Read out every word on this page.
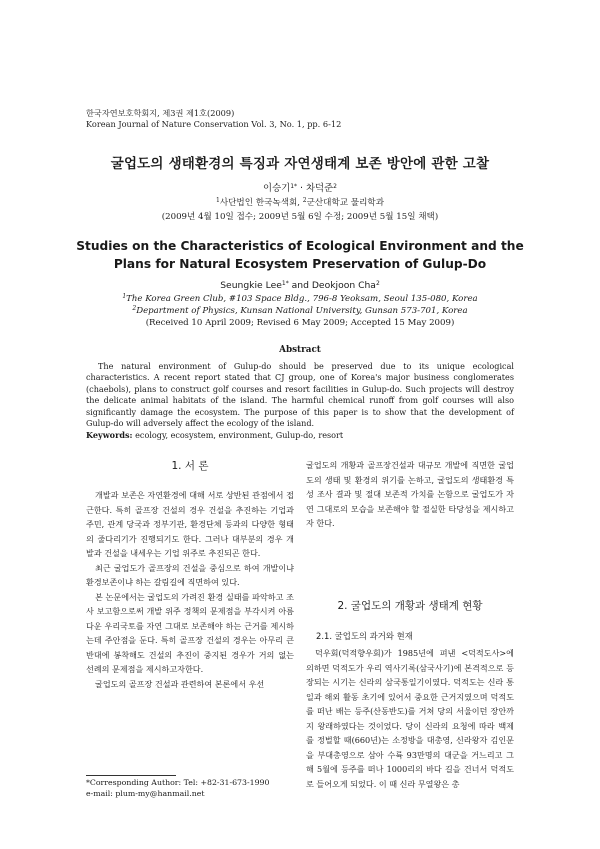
한국자연보호학회지, 제3권 제1호(2009)
Korean Journal of Nature Conservation Vol. 3, No. 1, pp. 6-12
굴업도의 생태환경의 특징과 자연생태계 보존 방안에 관한 고찰
이승기$^{1*}$ · 차덕준$^2$
$^1$사단법인 한국녹색회, $^2$군산대학교 물리학과
(2009년 4월 10일 접수; 2009년 5월 6일 수정; 2009년 5월 15일 채택)
Studies on the Characteristics of Ecological Environment and the
Plans for Natural Ecosystem Preservation of Gulup-Do
Seungkie Lee$^{1*}$ and Deokjoon Cha$^2$
$^1$The Korea Green Club, #103 Space Bldg., 796-8 Yeoksam, Seoul 135-080, Korea
$^2$Department of Physics, Kunsan National University, Gunsan 573-701, Korea
(Received 10 April 2009; Revised 6 May 2009; Accepted 15 May 2009)
Abstract
The natural environment of Gulup-do should be preserved due to its unique ecological characteristics. A recent report stated that CJ group, one of Korea's major business conglomerates (chaebols), plans to construct golf courses and resort facilities in Gulup-do. Such projects will destroy the delicate animal habitats of the island. The harmful chemical runoff from golf courses will also significantly damage the ecosystem. The purpose of this paper is to show that the development of Gulup-do will adversely affect the ecology of the island.
Keywords: ecology, ecosystem, environment, Gulup-do, resort
1. 서 론

개발과 보존은 자연환경에 대해 서로 상반된 관점에서 접근한다. 특히 골프장 건설의 경우 건설을 추진하는 기업과 주민, 관계 당국과 정부기관, 환경단체 등과의 다양한 형태의 줄다리기가 진행되기도 한다. 그러나 대부분의 경우 개발과 건설을 내세우는 기업 위주로 추진되곤 한다.

최근 굴업도가 골프장의 건설을 중심으로 하여 개발이냐 환경보존이냐 하는 갈림길에 직면하여 있다.

본 논문에서는 굴업도의 가려진 환경 실태를 파악하고 조사 보고함으로써 개발 위주 정책의 문제점을 부각시켜 아름다운 우리국토를 자연 그대로 보존해야 하는 근거를 제시하는데 주안점을 둔다. 특히 골프장 건설의 경우는 아무리 큰 반대에 봉착해도 건설의 추진이 중지된 경우가 거의 없는 선례의 문제점을 제시하고자한다.

굴업도의 골프장 건설과 관련하여 본론에서 우선

굴업도의 개황과 골프장건설과 대규모 개발에 직면한 굴업도의 생태 및 환경의 위기를 논하고, 굴업도의 생태환경 특성 조사 결과 및 절대 보존적 가치를 논함으로 굴업도가 자연 그대로의 모습을 보존해야 할 절실한 타당성을 제시하고자 한다.

2. 굴업도의 개황과 생태계 현황
2.1. 굴업도의 과거와 현재

덕우회(덕적향우회)가 1985년에 펴낸 <덕적도사>에 의하면 덕적도가 우리 역사기록(삼국사기)에 본격적으로 등장되는 시기는 신라의 삼국통일기이였다. 덕적도는 신라 통일과 해외 활동 초기에 있어서 중요한 근거지였으며 덕적도를 떠난 배는 등주(산동반도)를 거쳐 당의 서울이던 장안까지 왕래하였다는 것이었다. 당이 신라의 요청에 따라 백제를 정벌할 때(660년)는 소정방을 대총영, 신라왕자 김인문을 부대총영으로 삼아 수륙 93만명의 대군을 거느리고 그해 5월에 등주를 떠나 1000리의 바다 길을 건너서 덕적도로 들어오게 되었다. 이 때 신라 무열왕은 총

*Corresponding Author: Tel: +82-31-673-1990
e-mail: plum-my@hanmail.net
